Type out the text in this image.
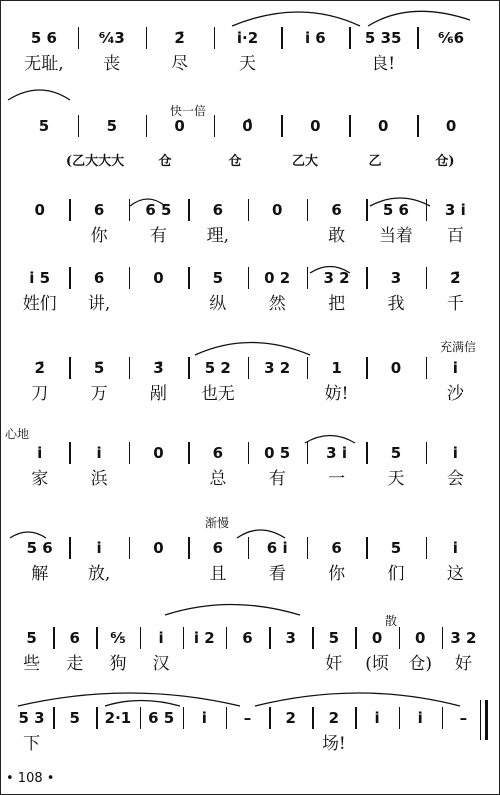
5 6	⁶⁄₄3	2̄	i·2	i 6	5 35 ⁶⁄₆6
无耻, 丧	尽	天	良!
5	5	0	0̂	0	0	0
(乙大大大	仓	仓	乙大	乙	仓)
快一倍
0	6	6 5	6	0	6	5 6 3 i
你 有 理,	敢 当着 百
i 5	6	0	5	0 2 3 2	3	2̄
姓们 讲,	纵 然 把 我 千
2̄	5̄	3̄	5 2 3 2	1	0	i
刀 万 剐 也无	妨!	沙
充满信
i	i	0	6	0 5 3 i	5	i
家 浜	总 有 一 天 会
心地
5 6	i	0	6	6 i	6	5	i
解 放,	且 看 你 们 这
渐慢
5 6 ⁶⁄₅ i i 2 6 3 5 0 0 3 2
些 走 狗 汉	奸 (顷 仓) 好
散
5 3 5 2·1 6 5 i – 2 2 i	i –
下	场!
• 108 •
